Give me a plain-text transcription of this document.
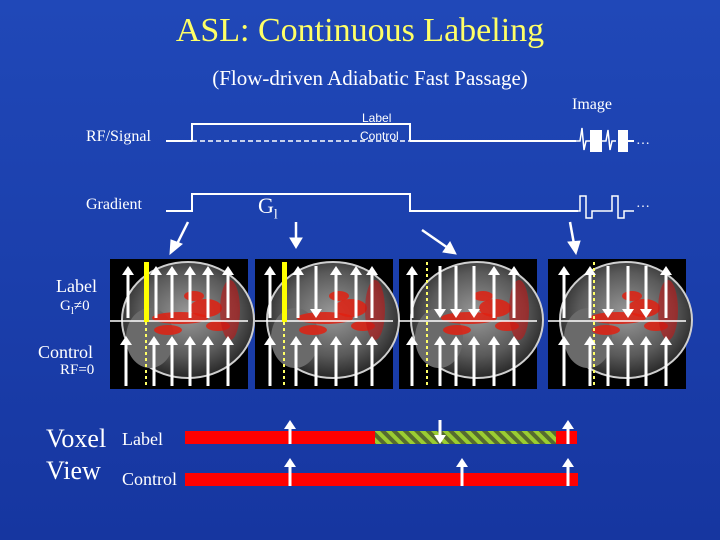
ASL: Continuous Labeling
(Flow-driven Adiabatic Fast Passage)
RF/Signal
Gradient
Label
Control
Image
$G_l$
…
…
Label
$G_l\ne 0$
Control
RF=0
Voxel
View
Label
Control
